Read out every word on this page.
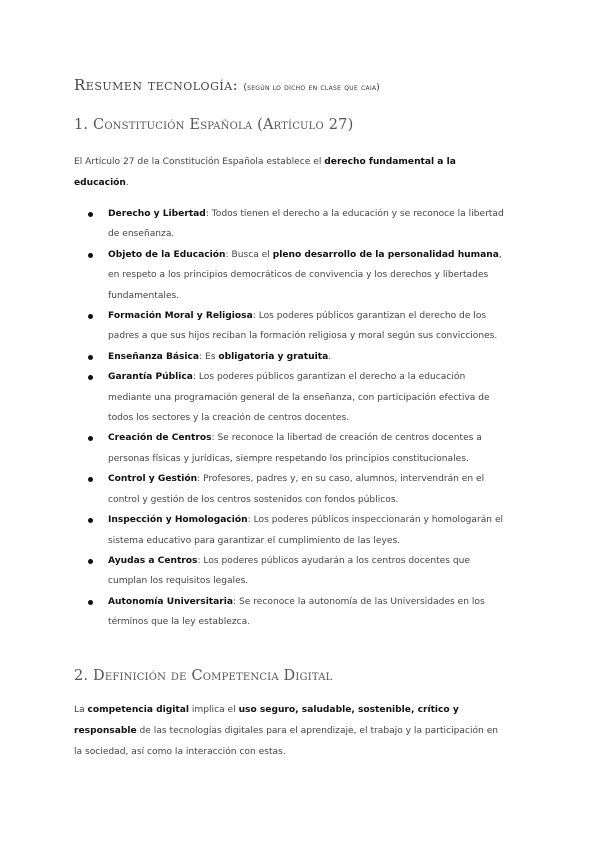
Resumen tecnología: (según lo dicho en clase que caia)
1. Constitución Española (Artículo 27)
El Artículo 27 de la Constitución Española establece el derecho fundamental a la educación.
Derecho y Libertad: Todos tienen el derecho a la educación y se reconoce la libertad de enseñanza.
Objeto de la Educación: Busca el pleno desarrollo de la personalidad humana, en respeto a los principios democráticos de convivencia y los derechos y libertades fundamentales.
Formación Moral y Religiosa: Los poderes públicos garantizan el derecho de los padres a que sus hijos reciban la formación religiosa y moral según sus convicciones.
Enseñanza Básica: Es obligatoria y gratuita.
Garantía Pública: Los poderes públicos garantizan el derecho a la educación mediante una programación general de la enseñanza, con participación efectiva de todos los sectores y la creación de centros docentes.
Creación de Centros: Se reconoce la libertad de creación de centros docentes a personas físicas y jurídicas, siempre respetando los principios constitucionales.
Control y Gestión: Profesores, padres y, en su caso, alumnos, intervendrán en el control y gestión de los centros sostenidos con fondos públicos.
Inspección y Homologación: Los poderes públicos inspeccionarán y homologarán el sistema educativo para garantizar el cumplimiento de las leyes.
Ayudas a Centros: Los poderes públicos ayudarán a los centros docentes que cumplan los requisitos legales.
Autonomía Universitaria: Se reconoce la autonomía de las Universidades en los términos que la ley establezca.
2. Definición de Competencia Digital
La competencia digital implica el uso seguro, saludable, sostenible, crítico y responsable de las tecnologías digitales para el aprendizaje, el trabajo y la participación en la sociedad, así como la interacción con estas.
